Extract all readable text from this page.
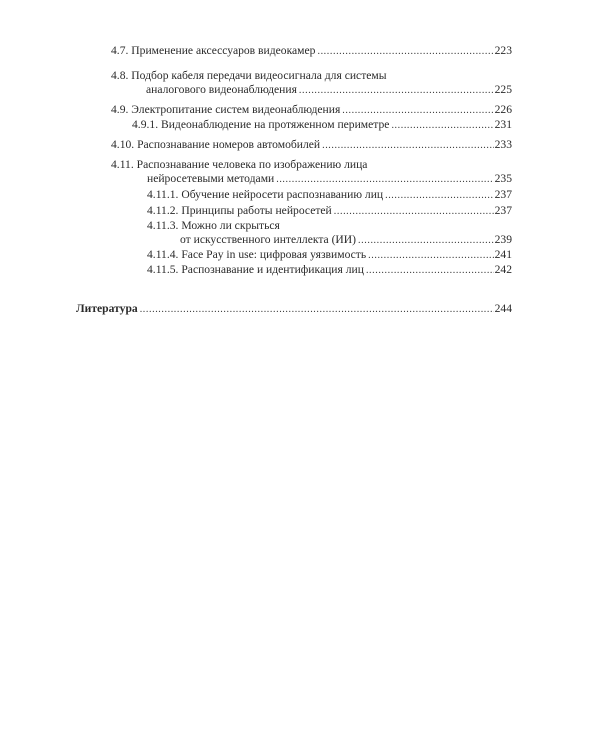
4.7. Применение аксессуаров видеокамер .....	223
4.8. Подбор кабеля передачи видеосигнала для системы
аналогового видеонаблюдения .....	225
4.9. Электропитание систем видеонаблюдения .....	226
4.9.1. Видеонаблюдение на протяженном периметре .....	231
4.10. Распознавание номеров автомобилей .....	233
4.11. Распознавание человека по изображению лица
нейросетевыми методами .....	235
4.11.1. Обучение нейросети распознаванию лиц .....	237
4.11.2. Принципы работы нейросетей .....	237
4.11.3. Можно ли скрыться
от искусственного интеллекта (ИИ) .....	239
4.11.4. Face Pay in use: цифровая уязвимость .....	241
4.11.5. Распознавание и идентификация лиц .....	242
Литература .....	244
